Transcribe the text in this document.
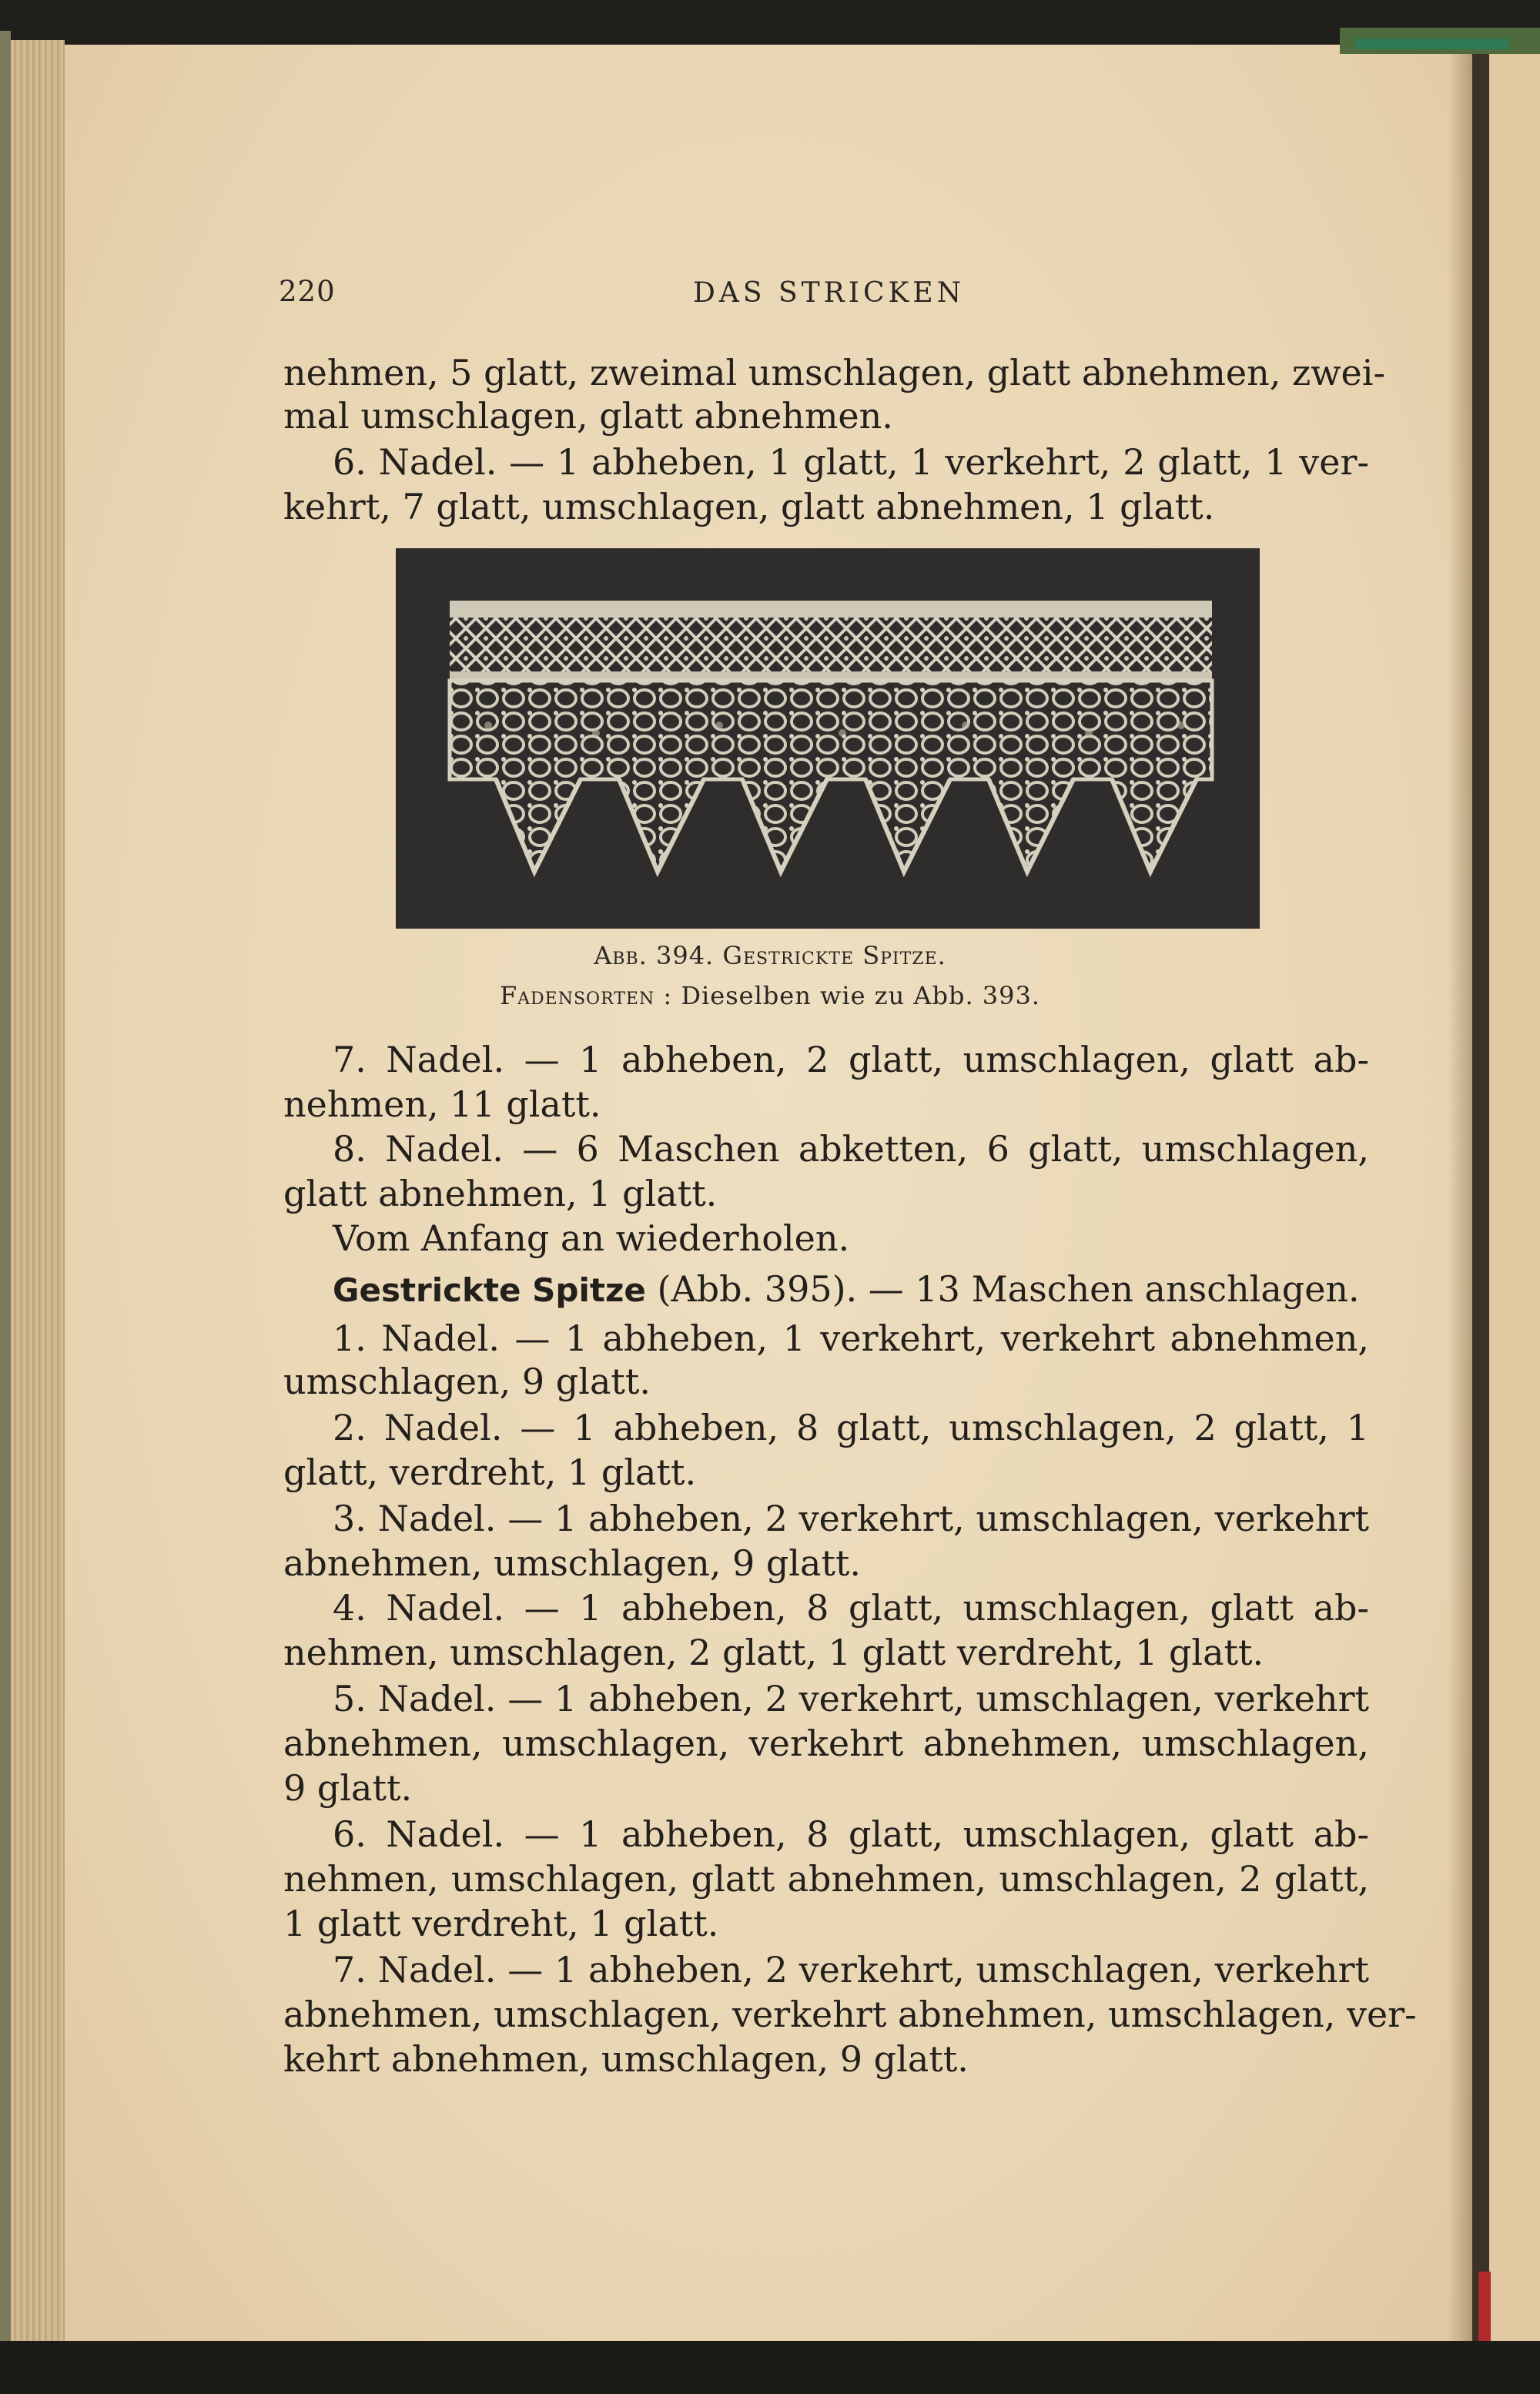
220	DAS STRICKEN
nehmen, 5 glatt, zweimal umschlagen, glatt abnehmen, zwei-
mal umschlagen, glatt abnehmen.
6. Nadel. — 1 abheben, 1 glatt, 1 verkehrt, 2 glatt, 1 ver-
kehrt, 7 glatt, umschlagen, glatt abnehmen, 1 glatt.
Abb. 394. Gestrickte Spitze.
Fadensorten : Dieselben wie zu Abb. 393.
7. Nadel. — 1 abheben, 2 glatt, umschlagen, glatt ab-
nehmen, 11 glatt.
8. Nadel. — 6 Maschen abketten, 6 glatt, umschlagen,
glatt abnehmen, 1 glatt.
Vom Anfang an wiederholen.
Gestrickte Spitze (Abb. 395). — 13 Maschen anschlagen.
1. Nadel. — 1 abheben, 1 verkehrt, verkehrt abnehmen,
umschlagen, 9 glatt.
2. Nadel. — 1 abheben, 8 glatt, umschlagen, 2 glatt, 1
glatt, verdreht, 1 glatt.
3. Nadel. — 1 abheben, 2 verkehrt, umschlagen, verkehrt
abnehmen, umschlagen, 9 glatt.
4. Nadel. — 1 abheben, 8 glatt, umschlagen, glatt ab-
nehmen, umschlagen, 2 glatt, 1 glatt verdreht, 1 glatt.
5. Nadel. — 1 abheben, 2 verkehrt, umschlagen, verkehrt
abnehmen, umschlagen, verkehrt abnehmen, umschlagen,
9 glatt.
6. Nadel. — 1 abheben, 8 glatt, umschlagen, glatt ab-
nehmen, umschlagen, glatt abnehmen, umschlagen, 2 glatt,
1 glatt verdreht, 1 glatt.
7. Nadel. — 1 abheben, 2 verkehrt, umschlagen, verkehrt
abnehmen, umschlagen, verkehrt abnehmen, umschlagen, ver-
kehrt abnehmen, umschlagen, 9 glatt.
